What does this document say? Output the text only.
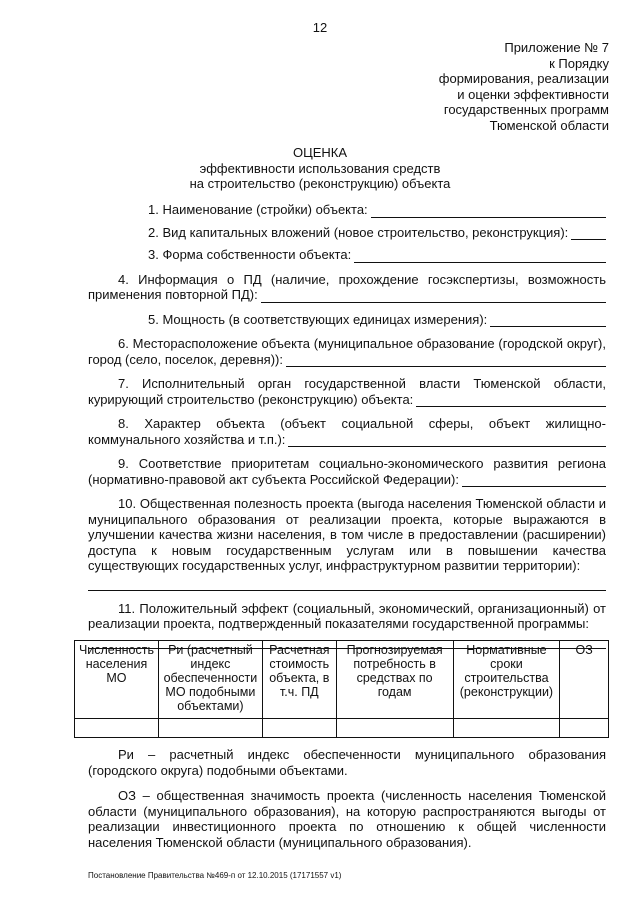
12
Приложение № 7
к Порядку
формирования, реализации
и оценки эффективности
государственных программ
Тюменской области
ОЦЕНКА
эффективности использования средств
на строительство (реконструкцию) объекта
1. Наименование (стройки) объекта:
2. Вид капитальных вложений (новое строительство, реконструкция):
3. Форма собственности объекта:
4. Информация о ПД (наличие, прохождение госэкспертизы, возможность
применения повторной ПД):
5. Мощность (в соответствующих единицах измерения):
6. Месторасположение объекта (муниципальное образование (городской округ),
город (село, поселок, деревня)):
7. Исполнительный орган государственной власти Тюменской области,
курирующий строительство (реконструкцию) объекта:
8. Характер объекта (объект социальной сферы, объект жилищно-
коммунального хозяйства и т.п.):
9. Соответствие приоритетам социально-экономического развития региона
(нормативно-правовой акт субъекта Российской Федерации):
10. Общественная полезность проекта (выгода населения Тюменской области и муниципального образования от реализации проекта, которые выражаются в улучшении качества жизни населения, в том числе в предоставлении (расширении) доступа к новым государственным услугам или в повышении качества существующих государственных услуг, инфраструктурном развитии территории):
11. Положительный эффект (социальный, экономический, организационный) от реализации проекта, подтвержденный показателями государственной программы:
Численность населения МО	Ри (расчетный индекс обеспеченности МО подобными объектами)	Расчетная стоимость объекта, в т.ч. ПД	Прогнозируемая потребность в средствах по годам	Нормативные сроки строительства (реконструкции)	ОЗ

Ри – расчетный индекс обеспеченности муниципального образования (городского округа) подобными объектами.
ОЗ – общественная значимость проекта (численность населения Тюменской области (муниципального образования), на которую распространяются выгоды от реализации инвестиционного проекта по отношению к общей численности населения Тюменской области (муниципального образования).
Постановление Правительства №469-п от 12.10.2015 (17171557 v1)
